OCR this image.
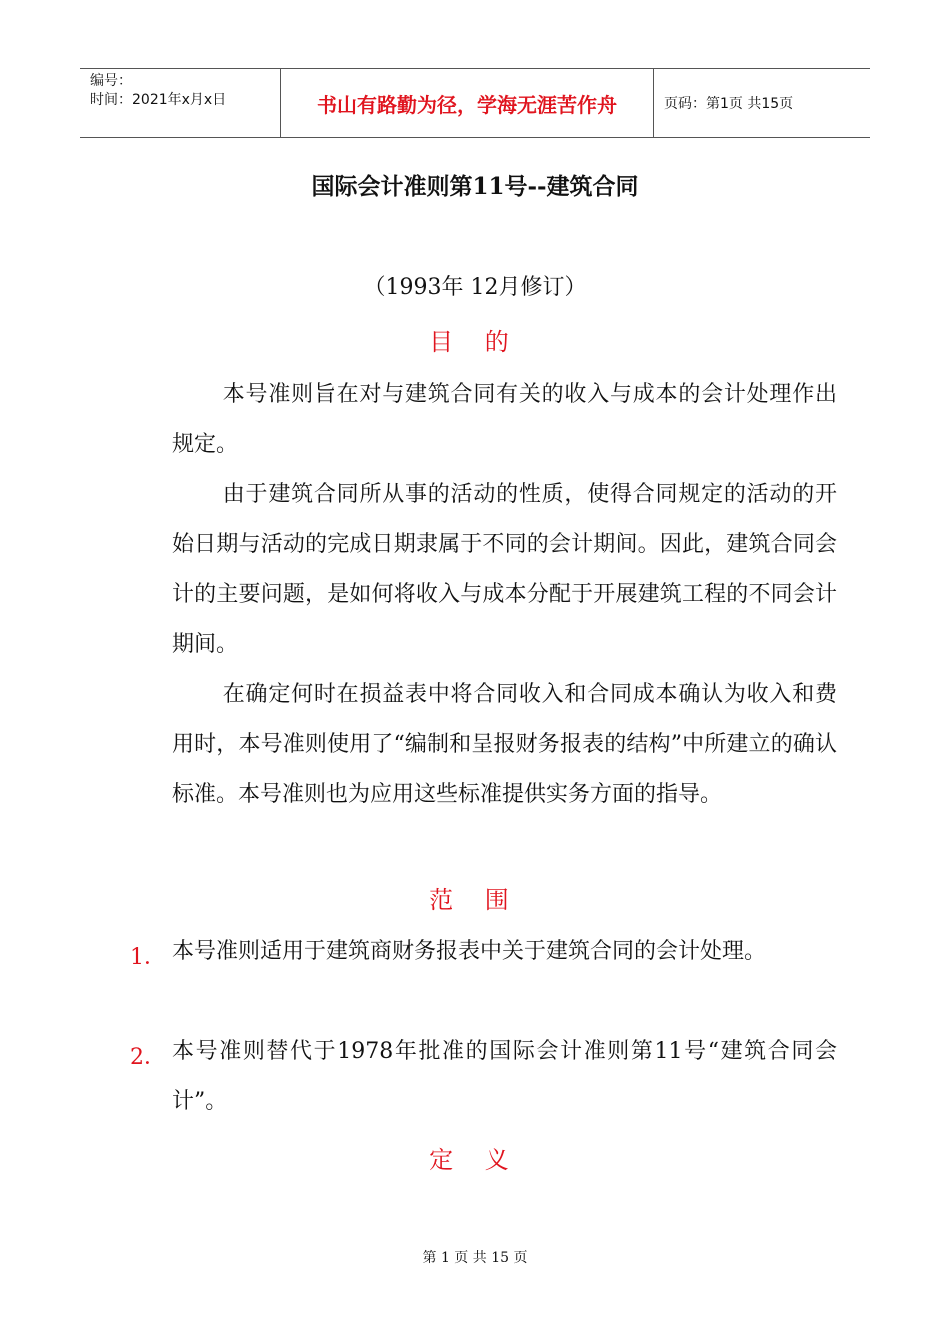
编号：
时间：2021年x月x日	书山有路勤为径，学海无涯苦作舟	页码：第1页 共15页
国际会计准则第11号--建筑合同
（1993年 12月修订）
目 的
本号准则旨在对与建筑合同有关的收入与成本的会计处理作出规定。
由于建筑合同所从事的活动的性质，使得合同规定的活动的开始日期与活动的完成日期隶属于不同的会计期间。因此，建筑合同会计的主要问题，是如何将收入与成本分配于开展建筑工程的不同会计期间。
在确定何时在损益表中将合同收入和合同成本确认为收入和费用时，本号准则使用了“编制和呈报财务报表的结构”中所建立的确认标准。本号准则也为应用这些标准提供实务方面的指导。
范 围
1． 本号准则适用于建筑商财务报表中关于建筑合同的会计处理。
2． 本号准则替代于1978年批准的国际会计准则第11号“建筑合同会计”。
定 义
第 1 页 共 15 页
